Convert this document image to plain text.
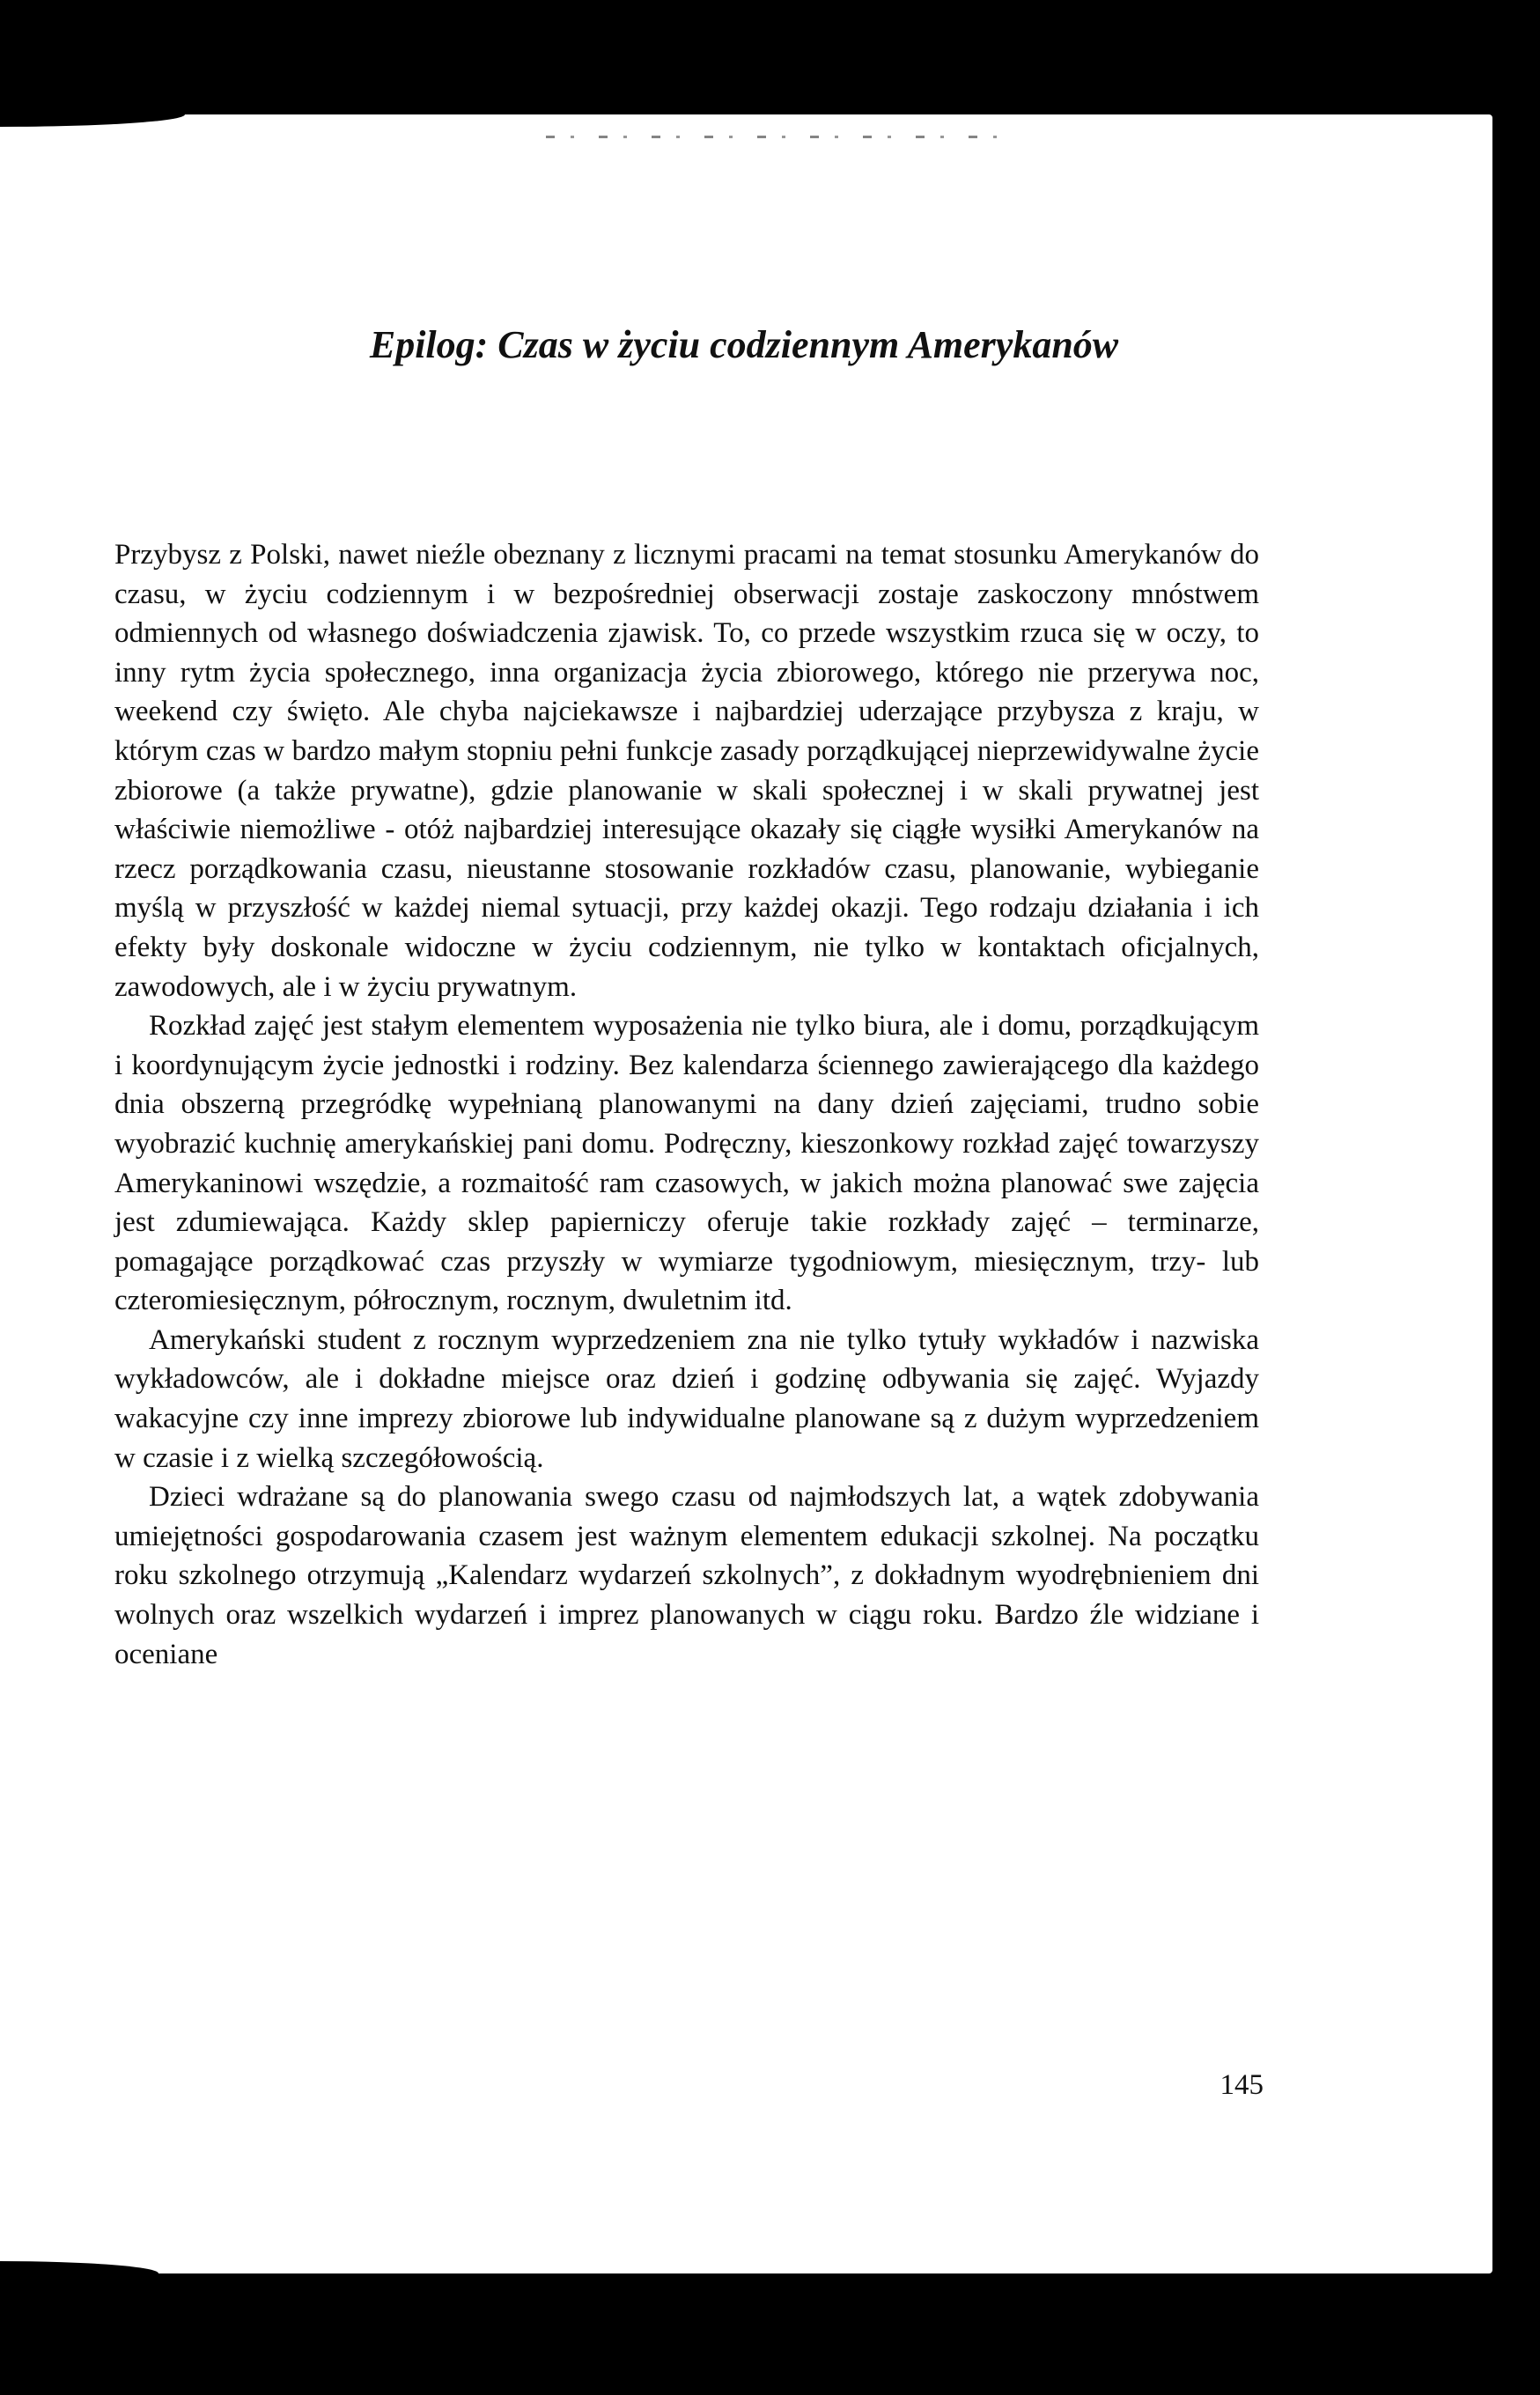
Epilog: Czas w życiu codziennym Amerykanów

Przybysz z Polski, nawet nieźle obeznany z licznymi pracami na temat stosunku Amerykanów do czasu, w życiu codziennym i w bezpośredniej obserwacji zostaje zaskoczony mnóstwem odmiennych od własnego doświadczenia zjawisk. To, co przede wszystkim rzuca się w oczy, to inny rytm życia społecznego, inna organizacja życia zbiorowego, którego nie przerywa noc, weekend czy święto. Ale chyba najciekawsze i najbardziej uderzające przybysza z kraju, w którym czas w bardzo małym stopniu pełni funkcje zasady porządkującej nieprzewidywalne życie zbiorowe (a także prywatne), gdzie planowanie w skali społecznej i w skali prywatnej jest właściwie niemożliwe - otóż najbardziej interesujące okazały się ciągłe wysiłki Amerykanów na rzecz porządkowania czasu, nieustanne stosowanie rozkładów czasu, planowanie, wybieganie myślą w przyszłość w każdej niemal sytuacji, przy każdej okazji. Tego rodzaju działania i ich efekty były doskonale widoczne w życiu codziennym, nie tylko w kontaktach oficjalnych, zawodowych, ale i w życiu prywatnym.

Rozkład zajęć jest stałym elementem wyposażenia nie tylko biura, ale i domu, porządkującym i koordynującym życie jednostki i rodziny. Bez kalendarza ściennego zawierającego dla każdego dnia obszerną przegródkę wypełnianą planowanymi na dany dzień zajęciami, trudno sobie wyobrazić kuchnię amerykańskiej pani domu. Podręczny, kieszonkowy rozkład zajęć towarzyszy Amerykaninowi wszędzie, a rozmaitość ram czasowych, w jakich można planować swe zajęcia jest zdumiewająca. Każdy sklep papierniczy oferuje takie rozkłady zajęć – terminarze, pomagające porządkować czas przyszły w wymiarze tygodniowym, miesięcznym, trzy- lub czteromiesięcznym, półrocznym, rocznym, dwuletnim itd.

Amerykański student z rocznym wyprzedzeniem zna nie tylko tytuły wykładów i nazwiska wykładowców, ale i dokładne miejsce oraz dzień i godzinę odbywania się zajęć. Wyjazdy wakacyjne czy inne imprezy zbiorowe lub indywidualne planowane są z dużym wyprzedzeniem w czasie i z wielką szczegółowością.

Dzieci wdrażane są do planowania swego czasu od najmłodszych lat, a wątek zdobywania umiejętności gospodarowania czasem jest ważnym elementem edukacji szkolnej. Na początku roku szkolnego otrzymują „Kalendarz wydarzeń szkolnych”, z dokładnym wyodrębnieniem dni wolnych oraz wszelkich wydarzeń i imprez planowanych w ciągu roku. Bardzo źle widziane i oceniane

145
